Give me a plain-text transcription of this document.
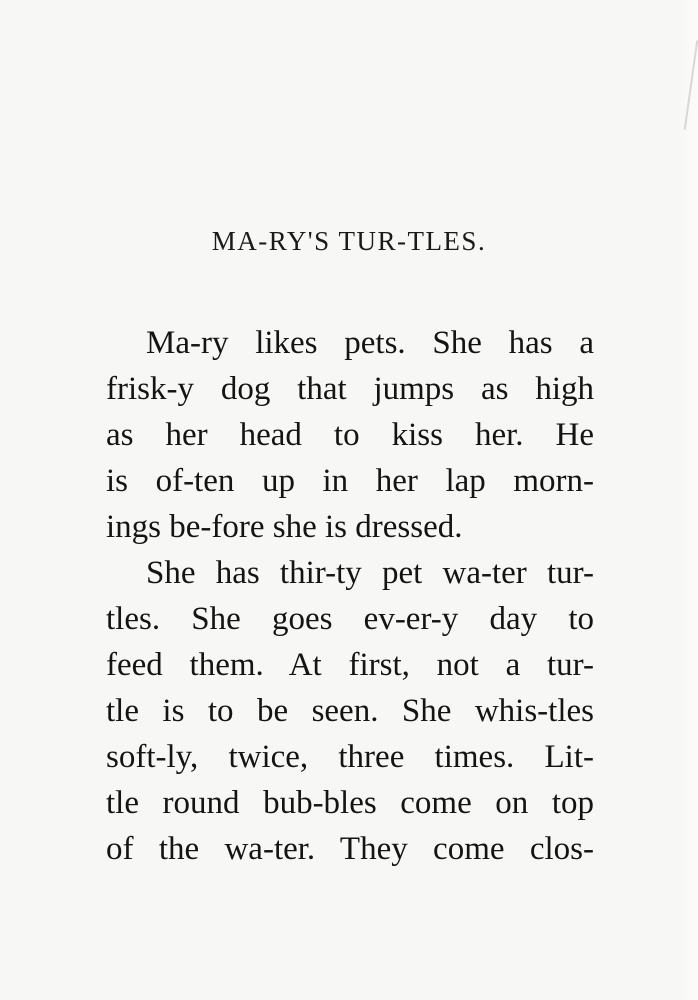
MA-RY'S TUR-TLES.
Ma-ry likes pets. She has a
frisk-y dog that jumps as high
as her head to kiss her. He
is of-ten up in her lap morn-
ings be-fore she is dressed.
She has thir-ty pet wa-ter tur-
tles. She goes ev-er-y day to
feed them. At first, not a tur-
tle is to be seen. She whis-tles
soft-ly, twice, three times. Lit-
tle round bub-bles come on top
of the wa-ter. They come clos-
